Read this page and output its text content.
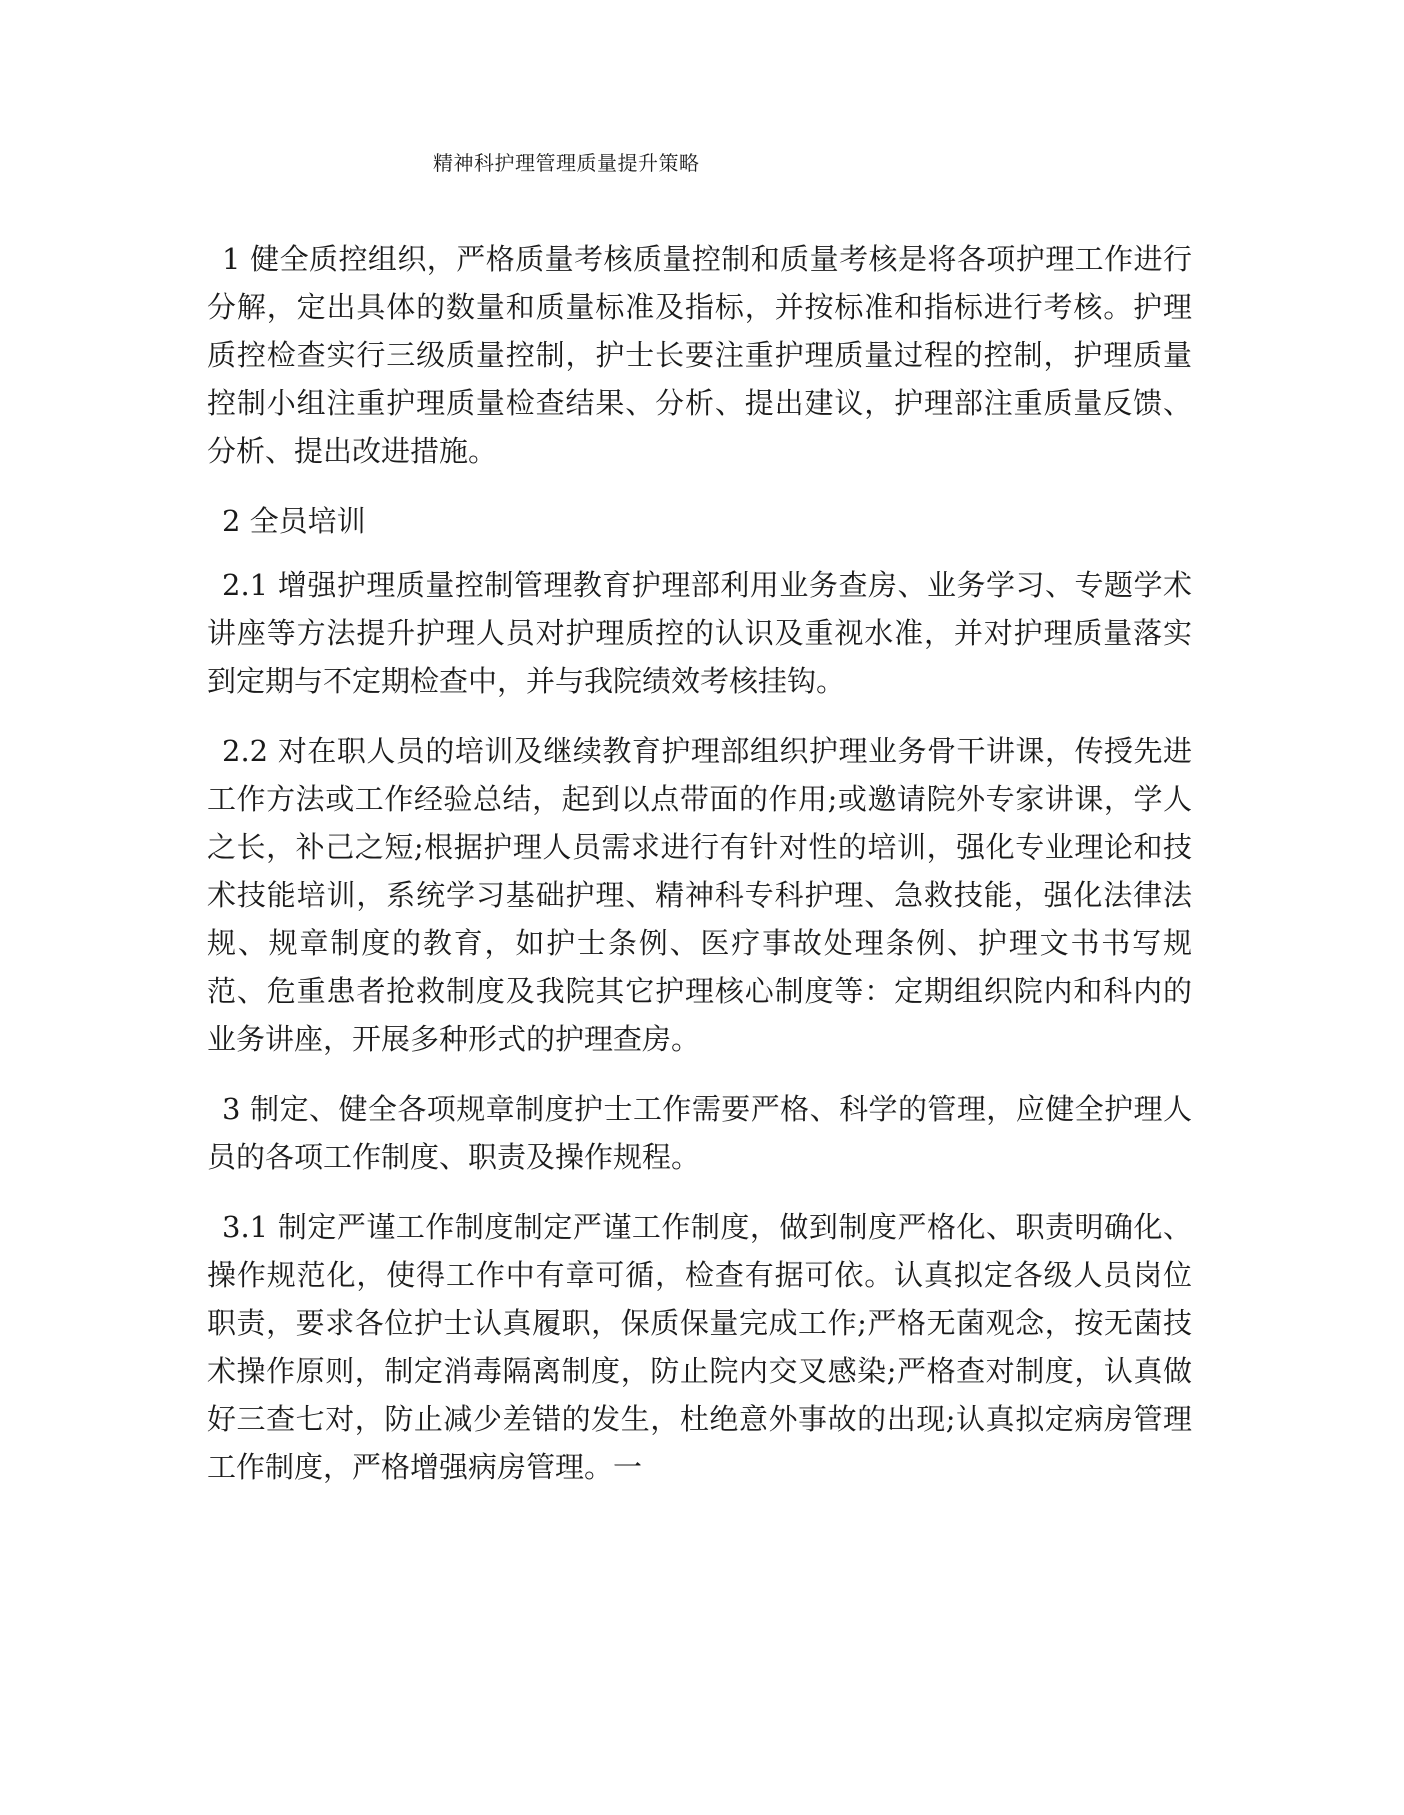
精神科护理管理质量提升策略

1 健全质控组织，严格质量考核质量控制和质量考核是将各项护理工作进行分解，定出具体的数量和质量标准及指标，并按标准和指标进行考核。护理质控检查实行三级质量控制，护士长要注重护理质量过程的控制，护理质量控制小组注重护理质量检查结果、分析、提出建议，护理部注重质量反馈、分析、提出改进措施。

2 全员培训

2.1 增强护理质量控制管理教育护理部利用业务查房、业务学习、专题学术讲座等方法提升护理人员对护理质控的认识及重视水准，并对护理质量落实到定期与不定期检查中，并与我院绩效考核挂钩。

2.2 对在职人员的培训及继续教育护理部组织护理业务骨干讲课，传授先进工作方法或工作经验总结，起到以点带面的作用;或邀请院外专家讲课，学人之长，补己之短;根据护理人员需求进行有针对性的培训，强化专业理论和技术技能培训，系统学习基础护理、精神科专科护理、急救技能，强化法律法规、规章制度的教育，如护士条例、医疗事故处理条例、护理文书书写规范、危重患者抢救制度及我院其它护理核心制度等：定期组织院内和科内的业务讲座，开展多种形式的护理查房。

3 制定、健全各项规章制度护士工作需要严格、科学的管理，应健全护理人员的各项工作制度、职责及操作规程。

3.1 制定严谨工作制度制定严谨工作制度，做到制度严格化、职责明确化、操作规范化，使得工作中有章可循，检查有据可依。认真拟定各级人员岗位职责，要求各位护士认真履职，保质保量完成工作;严格无菌观念，按无菌技术操作原则，制定消毒隔离制度，防止院内交叉感染;严格查对制度，认真做好三查七对，防止减少差错的发生，杜绝意外事故的出现;认真拟定病房管理工作制度，严格增强病房管理。一
